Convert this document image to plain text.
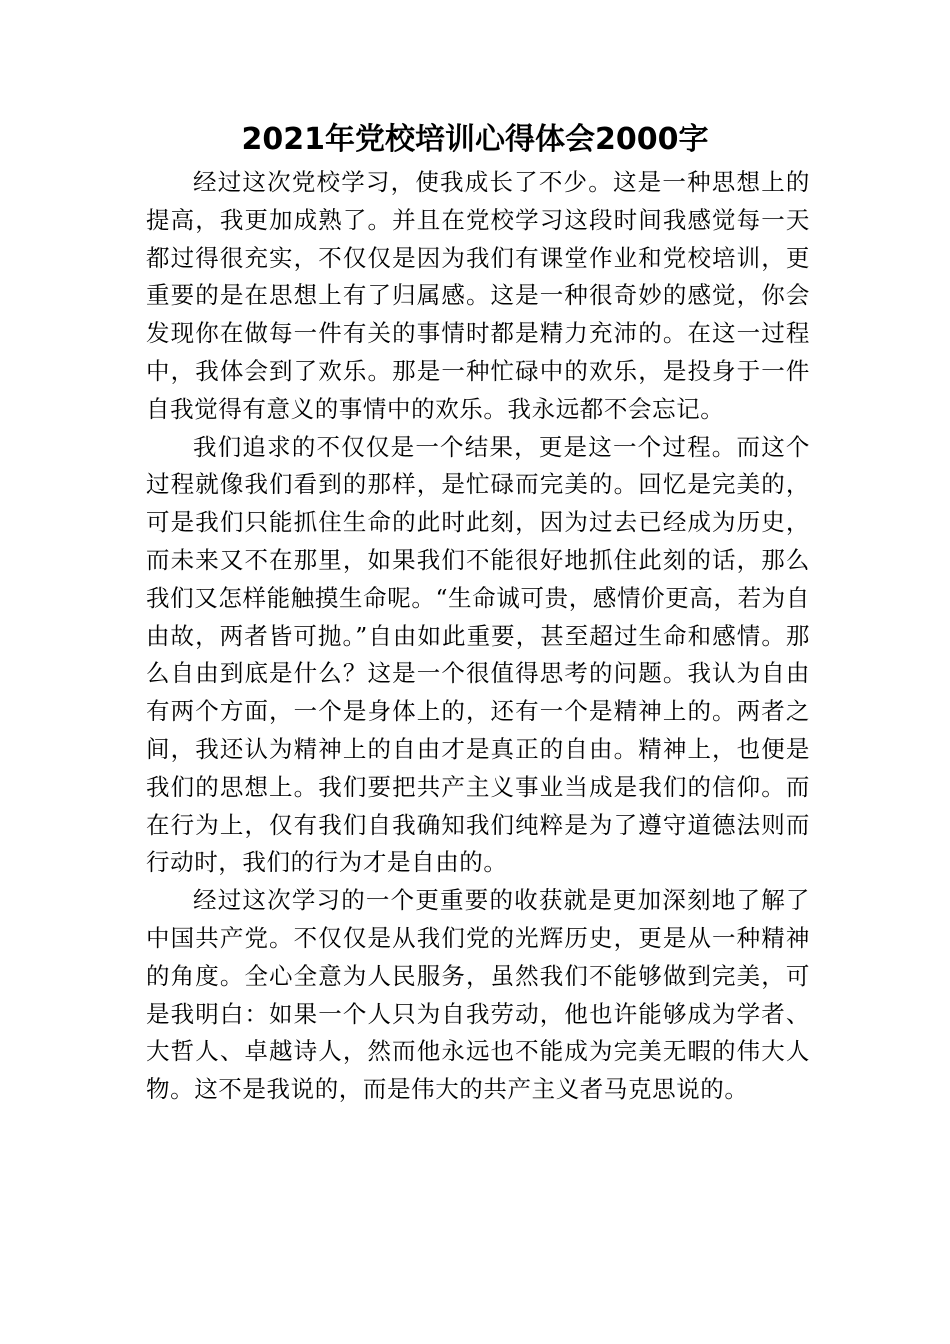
2021年党校培训心得体会2000字

经过这次党校学习，使我成长了不少。这是一种思想上的提高，我更加成熟了。并且在党校学习这段时间我感觉每一天都过得很充实，不仅仅是因为我们有课堂作业和党校培训，更重要的是在思想上有了归属感。这是一种很奇妙的感觉，你会发现你在做每一件有关的事情时都是精力充沛的。在这一过程中，我体会到了欢乐。那是一种忙碌中的欢乐，是投身于一件自我觉得有意义的事情中的欢乐。我永远都不会忘记。

我们追求的不仅仅是一个结果，更是这一个过程。而这个过程就像我们看到的那样，是忙碌而完美的。回忆是完美的，可是我们只能抓住生命的此时此刻，因为过去已经成为历史，而未来又不在那里，如果我们不能很好地抓住此刻的话，那么我们又怎样能触摸生命呢。“生命诚可贵，感情价更高，若为自由故，两者皆可抛。”自由如此重要，甚至超过生命和感情。那么自由到底是什么？这是一个很值得思考的问题。我认为自由有两个方面，一个是身体上的，还有一个是精神上的。两者之间，我还认为精神上的自由才是真正的自由。精神上，也便是我们的思想上。我们要把共产主义事业当成是我们的信仰。而在行为上，仅有我们自我确知我们纯粹是为了遵守道德法则而行动时，我们的行为才是自由的。

经过这次学习的一个更重要的收获就是更加深刻地了解了中国共产党。不仅仅是从我们党的光辉历史，更是从一种精神的角度。全心全意为人民服务，虽然我们不能够做到完美，可是我明白：如果一个人只为自我劳动，他也许能够成为学者、大哲人、卓越诗人，然而他永远也不能成为完美无暇的伟大人物。这不是我说的，而是伟大的共产主义者马克思说的。
